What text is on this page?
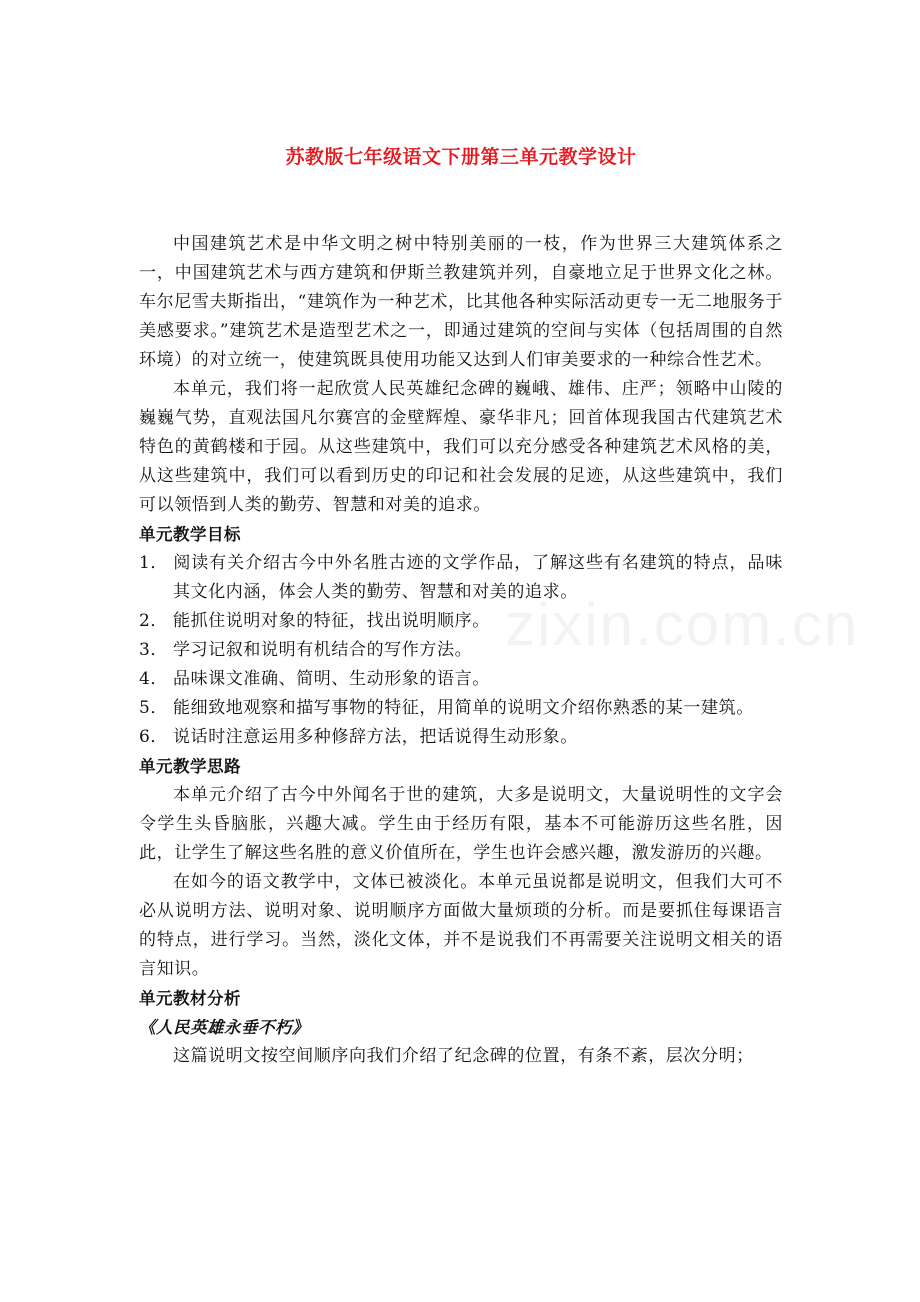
zixin.com.cn
苏教版七年级语文下册第三单元教学设计

中国建筑艺术是中华文明之树中特别美丽的一枝，作为世界三大建筑体系之一，中国建筑艺术与西方建筑和伊斯兰教建筑并列，自豪地立足于世界文化之林。车尔尼雪夫斯指出，“建筑作为一种艺术，比其他各种实际活动更专一无二地服务于美感要求。”建筑艺术是造型艺术之一，即通过建筑的空间与实体（包括周围的自然环境）的对立统一，使建筑既具使用功能又达到人们审美要求的一种综合性艺术。

本单元，我们将一起欣赏人民英雄纪念碑的巍峨、雄伟、庄严；领略中山陵的巍巍气势，直观法国凡尔赛宫的金壁辉煌、豪华非凡；回首体现我国古代建筑艺术特色的黄鹤楼和于园。从这些建筑中，我们可以充分感受各种建筑艺术风格的美，从这些建筑中，我们可以看到历史的印记和社会发展的足迹，从这些建筑中，我们可以领悟到人类的勤劳、智慧和对美的追求。

单元教学目标
1． 阅读有关介绍古今中外名胜古迹的文学作品，了解这些有名建筑的特点，品味其文化内涵，体会人类的勤劳、智慧和对美的追求。
2． 能抓住说明对象的特征，找出说明顺序。
3． 学习记叙和说明有机结合的写作方法。
4． 品味课文准确、简明、生动形象的语言。
5． 能细致地观察和描写事物的特征，用简单的说明文介绍你熟悉的某一建筑。
6． 说话时注意运用多种修辞方法，把话说得生动形象。
单元教学思路

本单元介绍了古今中外闻名于世的建筑，大多是说明文，大量说明性的文字会令学生头昏脑胀，兴趣大减。学生由于经历有限，基本不可能游历这些名胜，因此，让学生了解这些名胜的意义价值所在，学生也许会感兴趣，激发游历的兴趣。

在如今的语文教学中，文体已被淡化。本单元虽说都是说明文，但我们大可不必从说明方法、说明对象、说明顺序方面做大量烦琐的分析。而是要抓住每课语言的特点，进行学习。当然，淡化文体，并不是说我们不再需要关注说明文相关的语言知识。

单元教材分析
《人民英雄永垂不朽》

这篇说明文按空间顺序向我们介绍了纪念碑的位置，有条不紊，层次分明；
